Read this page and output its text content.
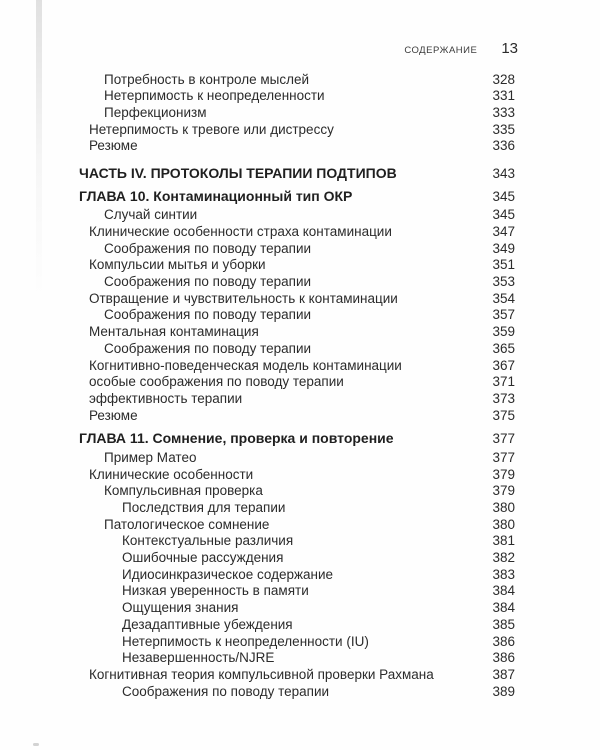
СОДЕРЖАНИЕ 13
Потребность в контроле мыслей	328
Нетерпимость к неопределенности	331
Перфекционизм	333
Нетерпимость к тревоге или дистрессу	335
Резюме	336
ЧАСТЬ IV. ПРОТОКОЛЫ ТЕРАПИИ ПОДТИПОВ	343
ГЛАВА 10. Контаминационный тип ОКР	345
Случай синтии	345
Клинические особенности страха контаминации	347
Соображения по поводу терапии	349
Компульсии мытья и уборки	351
Соображения по поводу терапии	353
Отвращение и чувствительность к контаминации	354
Соображения по поводу терапии	357
Ментальная контаминация	359
Соображения по поводу терапии	365
Когнитивно-поведенческая модель контаминации	367
особые соображения по поводу терапии	371
эффективность терапии	373
Резюме	375
ГЛАВА 11. Сомнение, проверка и повторение	377
Пример Матео	377
Клинические особенности	379
Компульсивная проверка	379
Последствия для терапии	380
Патологическое сомнение	380
Контекстуальные различия	381
Ошибочные рассуждения	382
Идиосинкразическое содержание	383
Низкая уверенность в памяти	384
Ощущения знания	384
Дезадаптивные убеждения	385
Нетерпимость к неопределенности (IU)	386
Незавершенность/NJRE	386
Когнитивная теория компульсивной проверки Рахмана	387
Соображения по поводу терапии	389
